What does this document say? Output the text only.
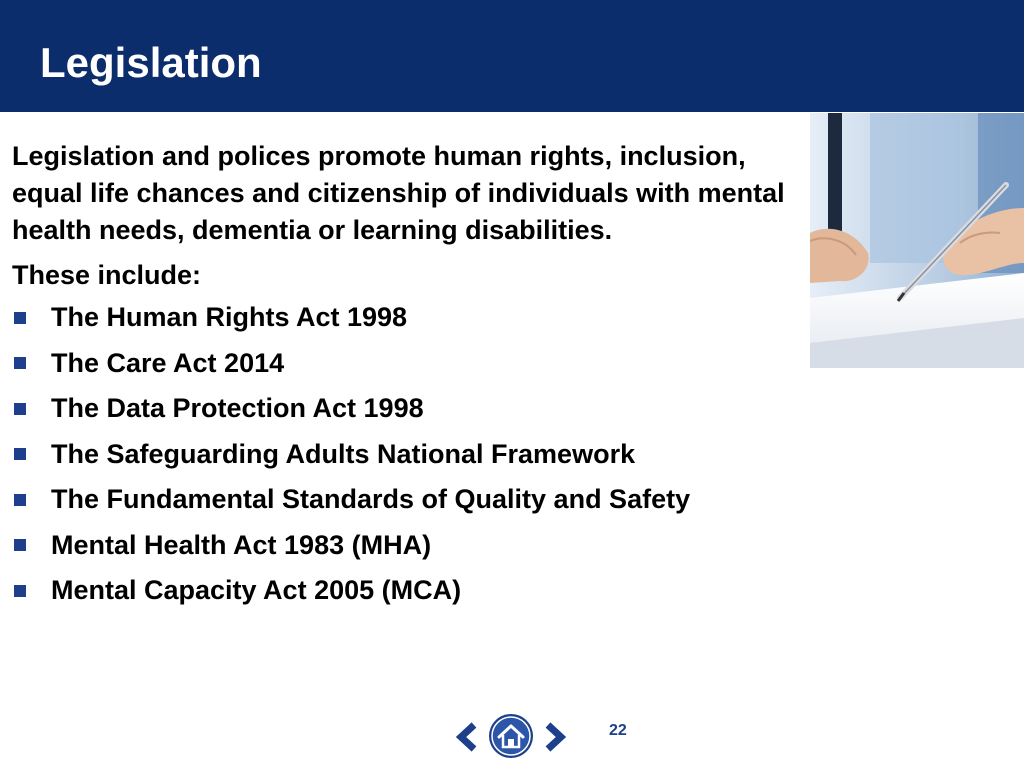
Legislation

Legislation and polices promote human rights, inclusion, equal life chances and citizenship of individuals with mental health needs, dementia or learning disabilities.

These include:

The Human Rights Act 1998
The Care Act 2014
The Data Protection Act 1998
The Safeguarding Adults National Framework
The Fundamental Standards of Quality and Safety
Mental Health Act 1983 (MHA)
Mental Capacity Act 2005 (MCA)
22
